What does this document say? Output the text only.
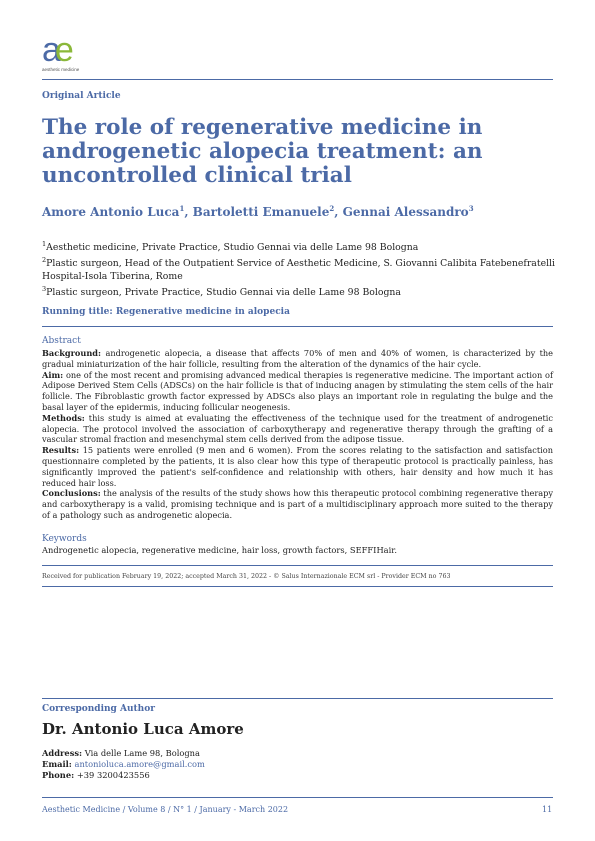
ae
aesthetic medicine
Original Article
The role of regenerative medicine in androgenetic alopecia treatment: an uncontrolled clinical trial
Amore Antonio Luca$^1$, Bartoletti Emanuele$^2$, Gennai Alessandro$^3$
$^1$Aesthetic medicine, Private Practice, Studio Gennai via delle Lame 98 Bologna
$^2$Plastic surgeon, Head of the Outpatient Service of Aesthetic Medicine, S. Giovanni Calibita Fatebenefratelli Hospital-Isola Tiberina, Rome
$^3$Plastic surgeon, Private Practice, Studio Gennai via delle Lame 98 Bologna
Running title: Regenerative medicine in alopecia
Abstract

Background: androgenetic alopecia, a disease that affects 70% of men and 40% of women, is characterized by the gradual miniaturization of the hair follicle, resulting from the alteration of the dynamics of the hair cycle.

Aim: one of the most recent and promising advanced medical therapies is regenerative medicine. The important action of Adipose Derived Stem Cells (ADSCs) on the hair follicle is that of inducing anagen by stimulating the stem cells of the hair follicle. The Fibroblastic growth factor expressed by ADSCs also plays an important role in regulating the bulge and the basal layer of the epidermis, inducing follicular neogenesis.

Methods: this study is aimed at evaluating the effectiveness of the technique used for the treatment of androgenetic alopecia. The protocol involved the association of carboxytherapy and regenerative therapy through the grafting of a vascular stromal fraction and mesenchymal stem cells derived from the adipose tissue.

Results: 15 patients were enrolled (9 men and 6 women). From the scores relating to the satisfaction and satisfaction questionnaire completed by the patients, it is also clear how this type of therapeutic protocol is practically painless, has significantly improved the patient's self-confidence and relationship with others, hair density and how much it has reduced hair loss.

Conclusions: the analysis of the results of the study shows how this therapeutic protocol combining regenerative therapy and carboxytherapy is a valid, promising technique and is part of a multidisciplinary approach more suited to the therapy of a pathology such as androgenetic alopecia.

Keywords
Androgenetic alopecia, regenerative medicine, hair loss, growth factors, SEFFIHair.
Received for publication February 19, 2022; accepted March 31, 2022 - © Salus Internazionale ECM srl - Provider ECM no 763
Corresponding Author
Dr. Antonio Luca Amore
Address: Via delle Lame 98, Bologna
Email: antonioluca.amore@gmail.com
Phone: +39 3200423556
Aesthetic Medicine / Volume 8 / N° 1 / January - March 2022	11
